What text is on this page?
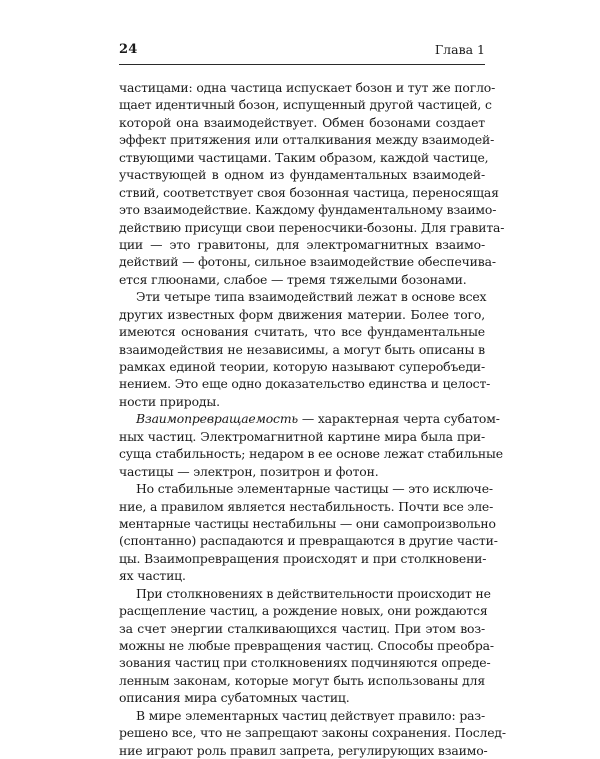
24	Глава 1
частицами: одна частица испускает бозон и тут же погло-
щает идентичный бозон, испущенный другой частицей, с
которой она взаимодействует. Обмен бозонами создает
эффект притяжения или отталкивания между взаимодей-
ствующими частицами. Таким образом, каждой частице,
участвующей в одном из фундаментальных взаимодей-
ствий, соответствует своя бозонная частица, переносящая
это взаимодействие. Каждому фундаментальному взаимо-
действию присущи свои переносчики-бозоны. Для гравита-
ции — это гравитоны, для электромагнитных взаимо-
действий — фотоны, сильное взаимодействие обеспечива-
ется глюонами, слабое — тремя тяжелыми бозонами.
Эти четыре типа взаимодействий лежат в основе всех
других известных форм движения материи. Более того,
имеются основания считать, что все фундаментальные
взаимодействия не независимы, а могут быть описаны в
рамках единой теории, которую называют суперобъеди-
нением. Это еще одно доказательство единства и целост-
ности природы.
Взаимопревращаемость — характерная черта субатом-
ных частиц. Электромагнитной картине мира была при-
суща стабильность; недаром в ее основе лежат стабильные
частицы — электрон, позитрон и фотон.
Но стабильные элементарные частицы — это исключе-
ние, а правилом является нестабильность. Почти все эле-
ментарные частицы нестабильны — они самопроизвольно
(спонтанно) распадаются и превращаются в другие части-
цы. Взаимопревращения происходят и при столкновени-
ях частиц.
При столкновениях в действительности происходит не
расщепление частиц, а рождение новых, они рождаются
за счет энергии сталкивающихся частиц. При этом воз-
можны не любые превращения частиц. Способы преобра-
зования частиц при столкновениях подчиняются опреде-
ленным законам, которые могут быть использованы для
описания мира субатомных частиц.
В мире элементарных частиц действует правило: раз-
решено все, что не запрещают законы сохранения. Послед-
ние играют роль правил запрета, регулирующих взаимо-
